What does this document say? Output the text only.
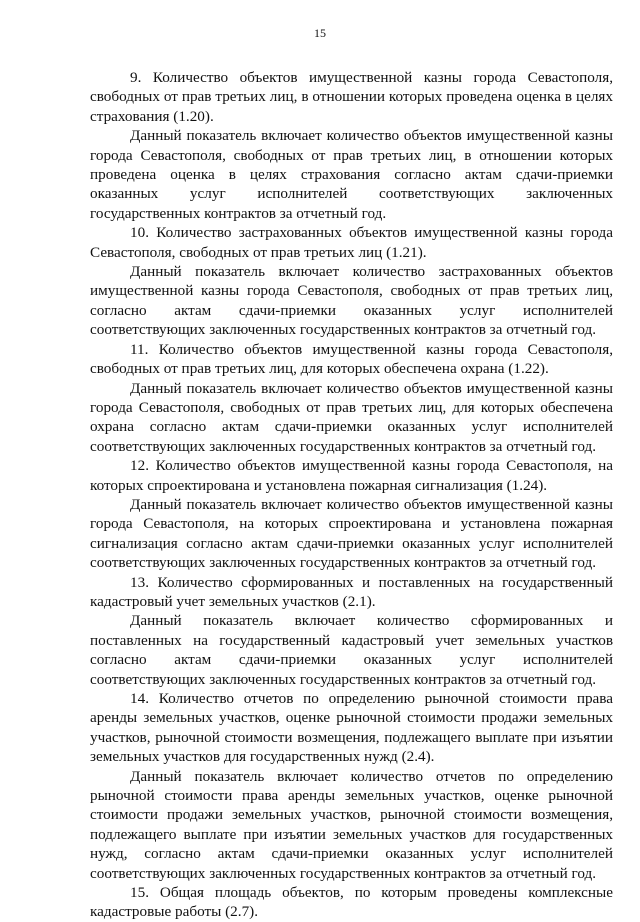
15

9. Количество объектов имущественной казны города Севастополя, свободных от прав третьих лиц, в отношении которых проведена оценка в целях страхования (1.20).

Данный показатель включает количество объектов имущественной казны города Севастополя, свободных от прав третьих лиц, в отношении которых проведена оценка в целях страхования согласно актам сдачи-приемки оказанных услуг исполнителей соответствующих заключенных государственных контрактов за отчетный год.

10. Количество застрахованных объектов имущественной казны города Севастополя, свободных от прав третьих лиц (1.21).

Данный показатель включает количество застрахованных объектов имущественной казны города Севастополя, свободных от прав третьих лиц, согласно актам сдачи-приемки оказанных услуг исполнителей соответствующих заключенных государственных контрактов за отчетный год.

11. Количество объектов имущественной казны города Севастополя, свободных от прав третьих лиц, для которых обеспечена охрана (1.22).

Данный показатель включает количество объектов имущественной казны города Севастополя, свободных от прав третьих лиц, для которых обеспечена охрана согласно актам сдачи-приемки оказанных услуг исполнителей соответствующих заключенных государственных контрактов за отчетный год.

12. Количество объектов имущественной казны города Севастополя, на которых спроектирована и установлена пожарная сигнализация (1.24).

Данный показатель включает количество объектов имущественной казны города Севастополя, на которых спроектирована и установлена пожарная сигнализация согласно актам сдачи-приемки оказанных услуг исполнителей соответствующих заключенных государственных контрактов за отчетный год.

13. Количество сформированных и поставленных на государственный кадастровый учет земельных участков (2.1).

Данный показатель включает количество сформированных и поставленных на государственный кадастровый учет земельных участков согласно актам сдачи-приемки оказанных услуг исполнителей соответствующих заключенных государственных контрактов за отчетный год.

14. Количество отчетов по определению рыночной стоимости права аренды земельных участков, оценке рыночной стоимости продажи земельных участков, рыночной стоимости возмещения, подлежащего выплате при изъятии земельных участков для государственных нужд (2.4).

Данный показатель включает количество отчетов по определению рыночной стоимости права аренды земельных участков, оценке рыночной стоимости продажи земельных участков, рыночной стоимости возмещения, подлежащего выплате при изъятии земельных участков для государственных нужд, согласно актам сдачи-приемки оказанных услуг исполнителей соответствующих заключенных государственных контрактов за отчетный год.

15. Общая площадь объектов, по которым проведены комплексные кадастровые работы (2.7).
